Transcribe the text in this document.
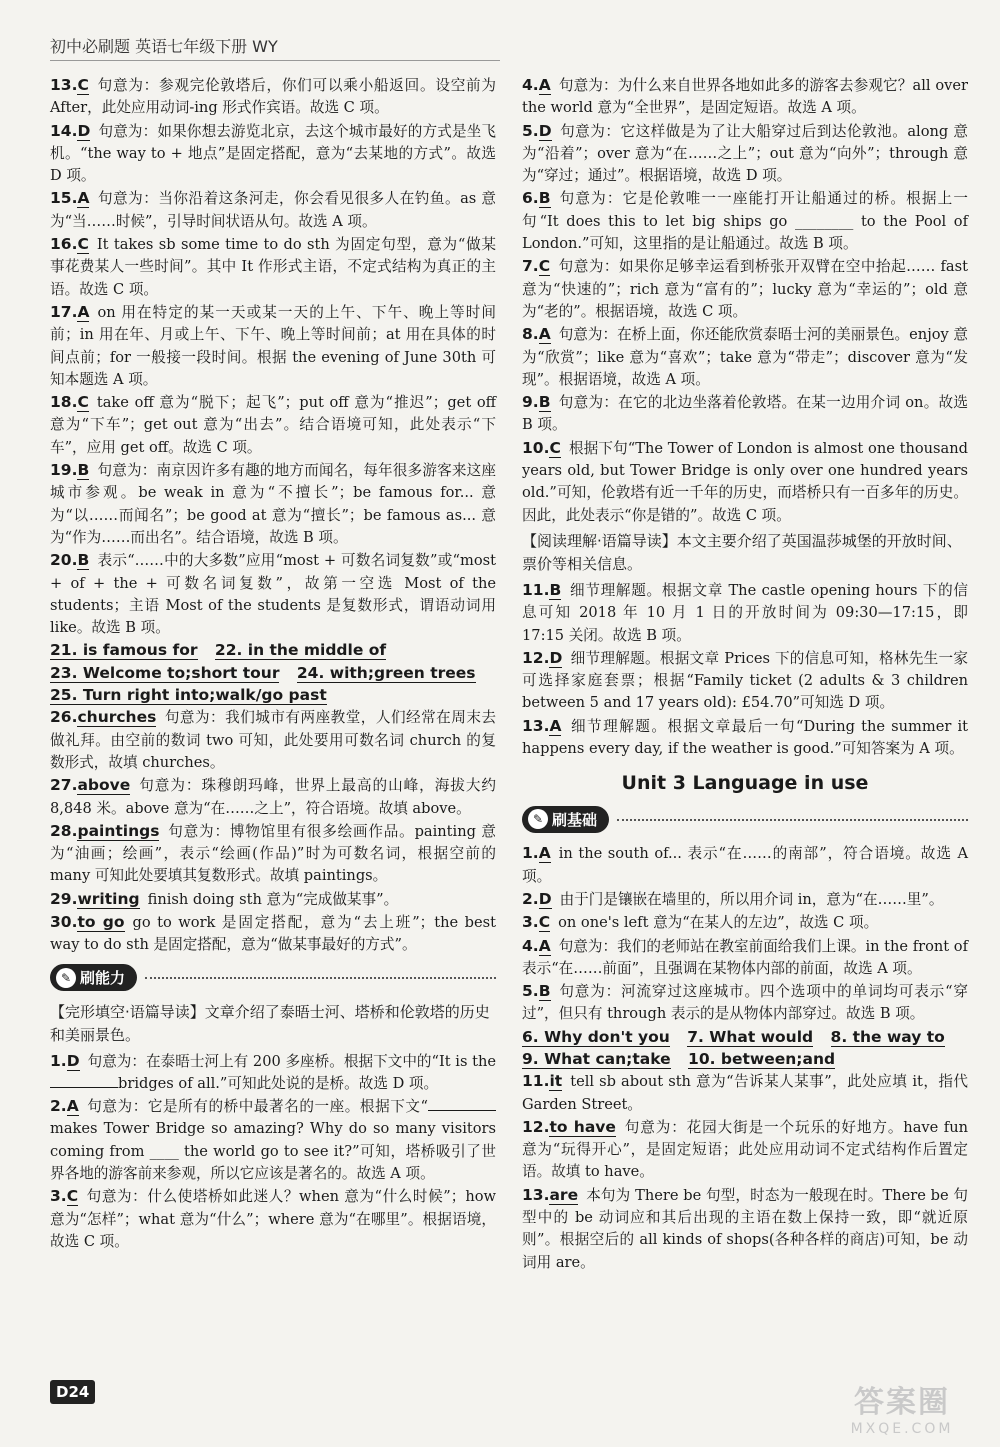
初中必刷题 英语七年级下册 WY

13.C 句意为：参观完伦敦塔后，你们可以乘小船返回。设空前为After，此处应用动词-ing 形式作宾语。故选 C 项。

14.D 句意为：如果你想去游览北京，去这个城市最好的方式是坐飞机。“the way to + 地点”是固定搭配，意为“去某地的方式”。故选 D 项。

15.A 句意为：当你沿着这条河走，你会看见很多人在钓鱼。as 意为“当……时候”，引导时间状语从句。故选 A 项。

16.C It takes sb some time to do sth 为固定句型，意为“做某事花费某人一些时间”。其中 It 作形式主语，不定式结构为真正的主语。故选 C 项。

17.A on 用在特定的某一天或某一天的上午、下午、晚上等时间前；in 用在年、月或上午、下午、晚上等时间前；at 用在具体的时间点前；for 一般接一段时间。根据 the evening of June 30th 可知本题选 A 项。

18.C take off 意为“脱下；起飞”；put off 意为“推迟”；get off 意为“下车”；get out 意为“出去”。结合语境可知，此处表示“下车”，应用 get off。故选 C 项。

19.B 句意为：南京因许多有趣的地方而闻名，每年很多游客来这座城市参观。be weak in 意为“不擅长”；be famous for... 意为“以……而闻名”；be good at 意为“擅长”；be famous as... 意为“作为……而出名”。结合语境，故选 B 项。

20.B 表示“……中的大多数”应用“most + 可数名词复数”或“most + of + the + 可数名词复数”，故第一空选 Most of the students；主语 Most of the students 是复数形式，谓语动词用 like。故选 B 项。

21. is famous for 22. in the middle of

23. Welcome to;short tour 24. with;green trees

25. Turn right into;walk/go past

26.churches 句意为：我们城市有两座教堂，人们经常在周末去做礼拜。由空前的数词 two 可知，此处要用可数名词 church 的复数形式，故填 churches。

27.above 句意为：珠穆朗玛峰，世界上最高的山峰，海拔大约 8,848 米。above 意为“在……之上”，符合语境。故填 above。

28.paintings 句意为：博物馆里有很多绘画作品。painting 意为“油画；绘画”，表示“绘画(作品)”时为可数名词，根据空前的 many 可知此处要填其复数形式。故填 paintings。

29.writing finish doing sth 意为“完成做某事”。

30.to go go to work 是固定搭配，意为“去上班”；the best way to do sth 是固定搭配，意为“做某事最好的方式”。

✎ 刷能力

【完形填空·语篇导读】文章介绍了泰晤士河、塔桥和伦敦塔的历史和美丽景色。

1.D 句意为：在泰晤士河上有 200 多座桥。根据下文中的“It is thebridges of all.”可知此处说的是桥。故选 D 项。

2.A 句意为：它是所有的桥中最著名的一座。根据下文“makes Tower Bridge so amazing? Why do so many visitors coming from ____ the world go to see it?”可知，塔桥吸引了世界各地的游客前来参观，所以它应该是著名的。故选 A 项。

3.C 句意为：什么使塔桥如此迷人？when 意为“什么时候”；how 意为“怎样”；what 意为“什么”；where 意为“在哪里”。根据语境，故选 C 项。

4.A 句意为：为什么来自世界各地如此多的游客去参观它？all over the world 意为“全世界”，是固定短语。故选 A 项。

5.D 句意为：它这样做是为了让大船穿过后到达伦敦池。along 意为“沿着”；over 意为“在……之上”；out 意为“向外”；through 意为“穿过；通过”。根据语境，故选 D 项。

6.B 句意为：它是伦敦唯一一座能打开让船通过的桥。根据上一句“It does this to let big ships go ________ to the Pool of London.”可知，这里指的是让船通过。故选 B 项。

7.C 句意为：如果你足够幸运看到桥张开双臂在空中抬起…… fast 意为“快速的”；rich 意为“富有的”；lucky 意为“幸运的”；old 意为“老的”。根据语境，故选 C 项。

8.A 句意为：在桥上面，你还能欣赏泰晤士河的美丽景色。enjoy 意为“欣赏”；like 意为“喜欢”；take 意为“带走”；discover 意为“发现”。根据语境，故选 A 项。

9.B 句意为：在它的北边坐落着伦敦塔。在某一边用介词 on。故选 B 项。

10.C 根据下句“The Tower of London is almost one thousand years old, but Tower Bridge is only over one hundred years old.”可知，伦敦塔有近一千年的历史，而塔桥只有一百多年的历史。因此，此处表示“你是错的”。故选 C 项。

【阅读理解·语篇导读】本文主要介绍了英国温莎城堡的开放时间、票价等相关信息。

11.B 细节理解题。根据文章 The castle opening hours 下的信息可知 2018 年 10 月 1 日的开放时间为 09:30—17:15，即 17:15 关闭。故选 B 项。

12.D 细节理解题。根据文章 Prices 下的信息可知，格林先生一家可选择家庭套票；根据“Family ticket (2 adults & 3 children between 5 and 17 years old): £54.70”可知选 D 项。

13.A 细节理解题。根据文章最后一句“During the summer it happens every day, if the weather is good.”可知答案为 A 项。

Unit 3 Language in use
✎ 刷基础

1.A in the south of... 表示“在……的南部”，符合语境。故选 A 项。

2.D 由于门是镶嵌在墙里的，所以用介词 in，意为“在……里”。

3.C on one's left 意为“在某人的左边”，故选 C 项。

4.A 句意为：我们的老师站在教室前面给我们上课。in the front of 表示“在……前面”，且强调在某物体内部的前面，故选 A 项。

5.B 句意为：河流穿过这座城市。四个选项中的单词均可表示“穿过”，但只有 through 表示的是从物体内部穿过。故选 B 项。

6. Why don't you 7. What would 8. the way to

9. What can;take 10. between;and

11.it tell sb about sth 意为“告诉某人某事”，此处应填 it，指代 Garden Street。

12.to have 句意为：花园大街是一个玩乐的好地方。have fun 意为“玩得开心”，是固定短语；此处应用动词不定式结构作后置定语。故填 to have。

13.are 本句为 There be 句型，时态为一般现在时。There be 句型中的 be 动词应和其后出现的主语在数上保持一致，即“就近原则”。根据空后的 all kinds of shops(各种各样的商店)可知，be 动词用 are。

D24	答案圈
MXQE.COM
